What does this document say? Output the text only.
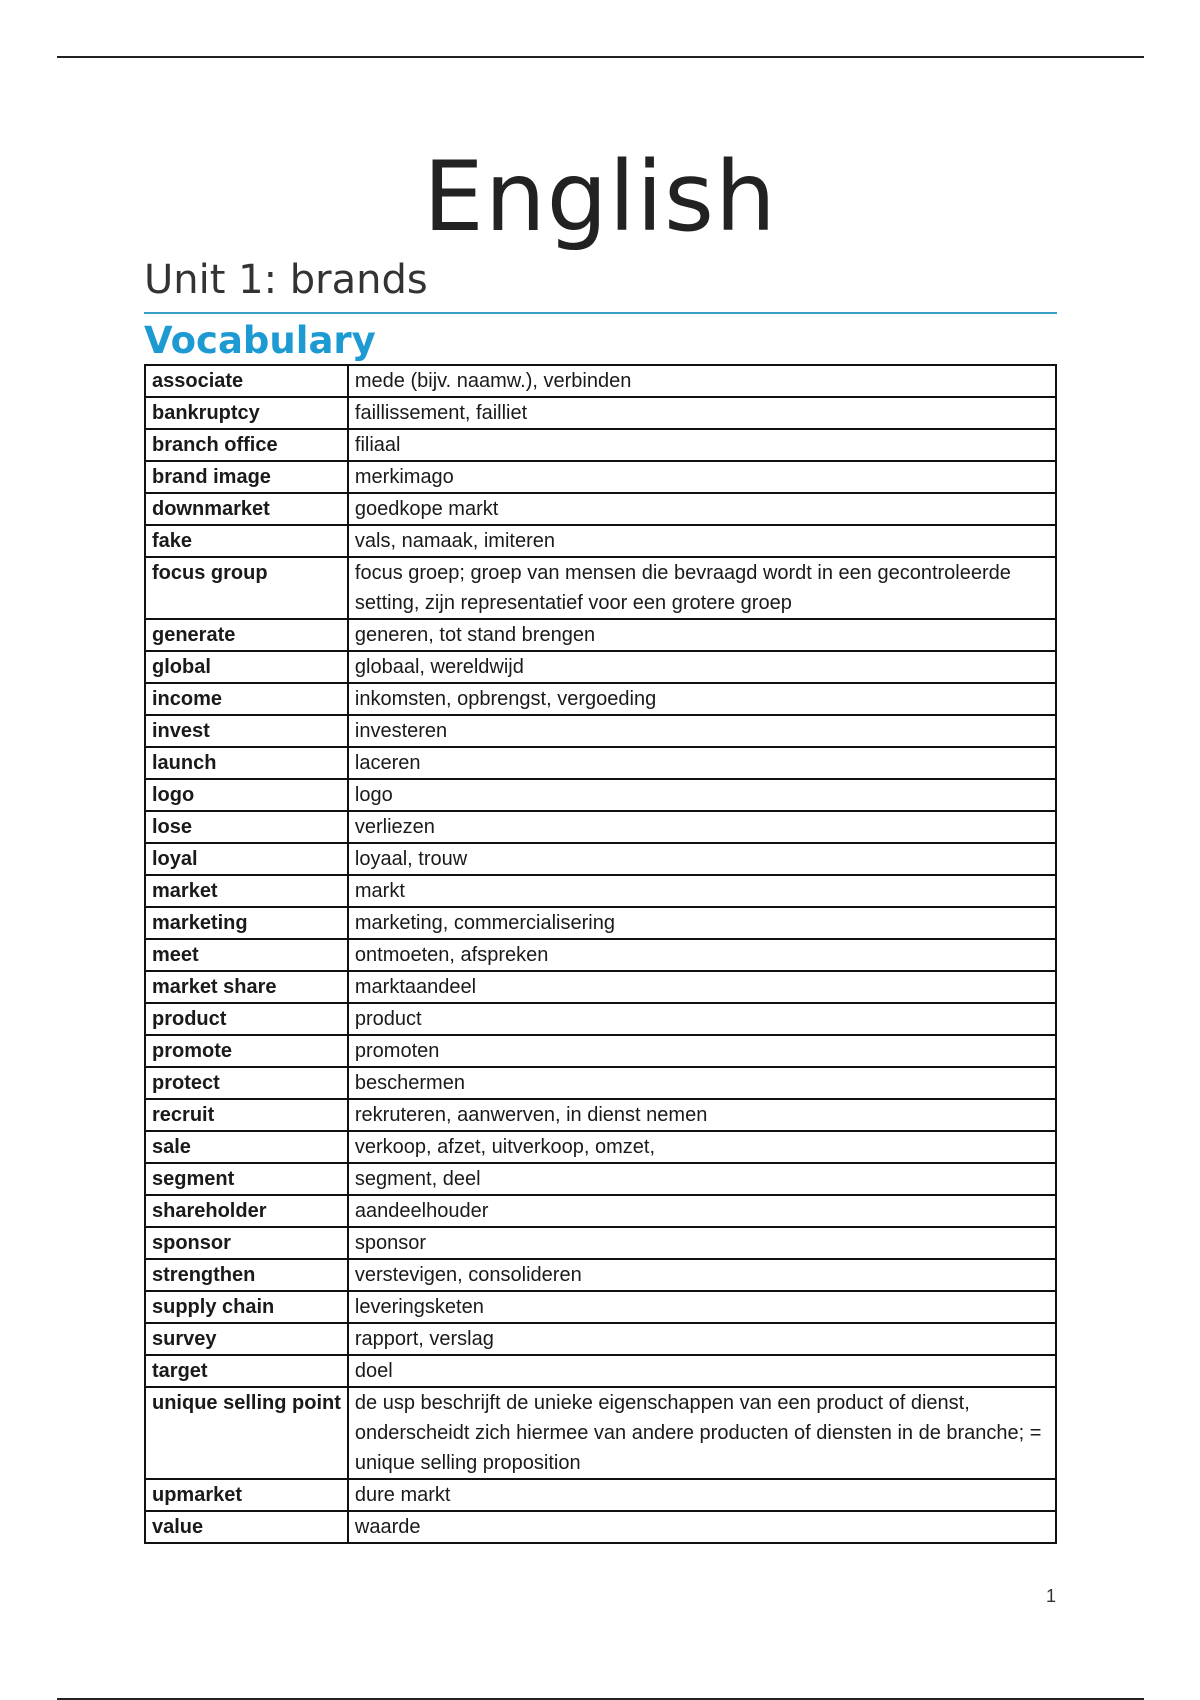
English
Unit 1: brands
Vocabulary
associate	mede (bijv. naamw.), verbinden
bankruptcy	faillissement, failliet
branch office	filiaal
brand image	merkimago
downmarket	goedkope markt
fake	vals, namaak, imiteren
focus group	focus groep; groep van mensen die bevraagd wordt in een gecontroleerde setting, zijn representatief voor een grotere groep
generate	generen, tot stand brengen
global	globaal, wereldwijd
income	inkomsten, opbrengst, vergoeding
invest	investeren
launch	laceren
logo	logo
lose	verliezen
loyal	loyaal, trouw
market	markt
marketing	marketing, commercialisering
meet	ontmoeten, afspreken
market share	marktaandeel
product	product
promote	promoten
protect	beschermen
recruit	rekruteren, aanwerven, in dienst nemen
sale	verkoop, afzet, uitverkoop, omzet,
segment	segment, deel
shareholder	aandeelhouder
sponsor	sponsor
strengthen	verstevigen, consolideren
supply chain	leveringsketen
survey	rapport, verslag
target	doel
unique selling point	de usp beschrijft de unieke eigenschappen van een product of dienst, onderscheidt zich hiermee van andere producten of diensten in de branche; = unique selling proposition
upmarket	dure markt
value	waarde
1
